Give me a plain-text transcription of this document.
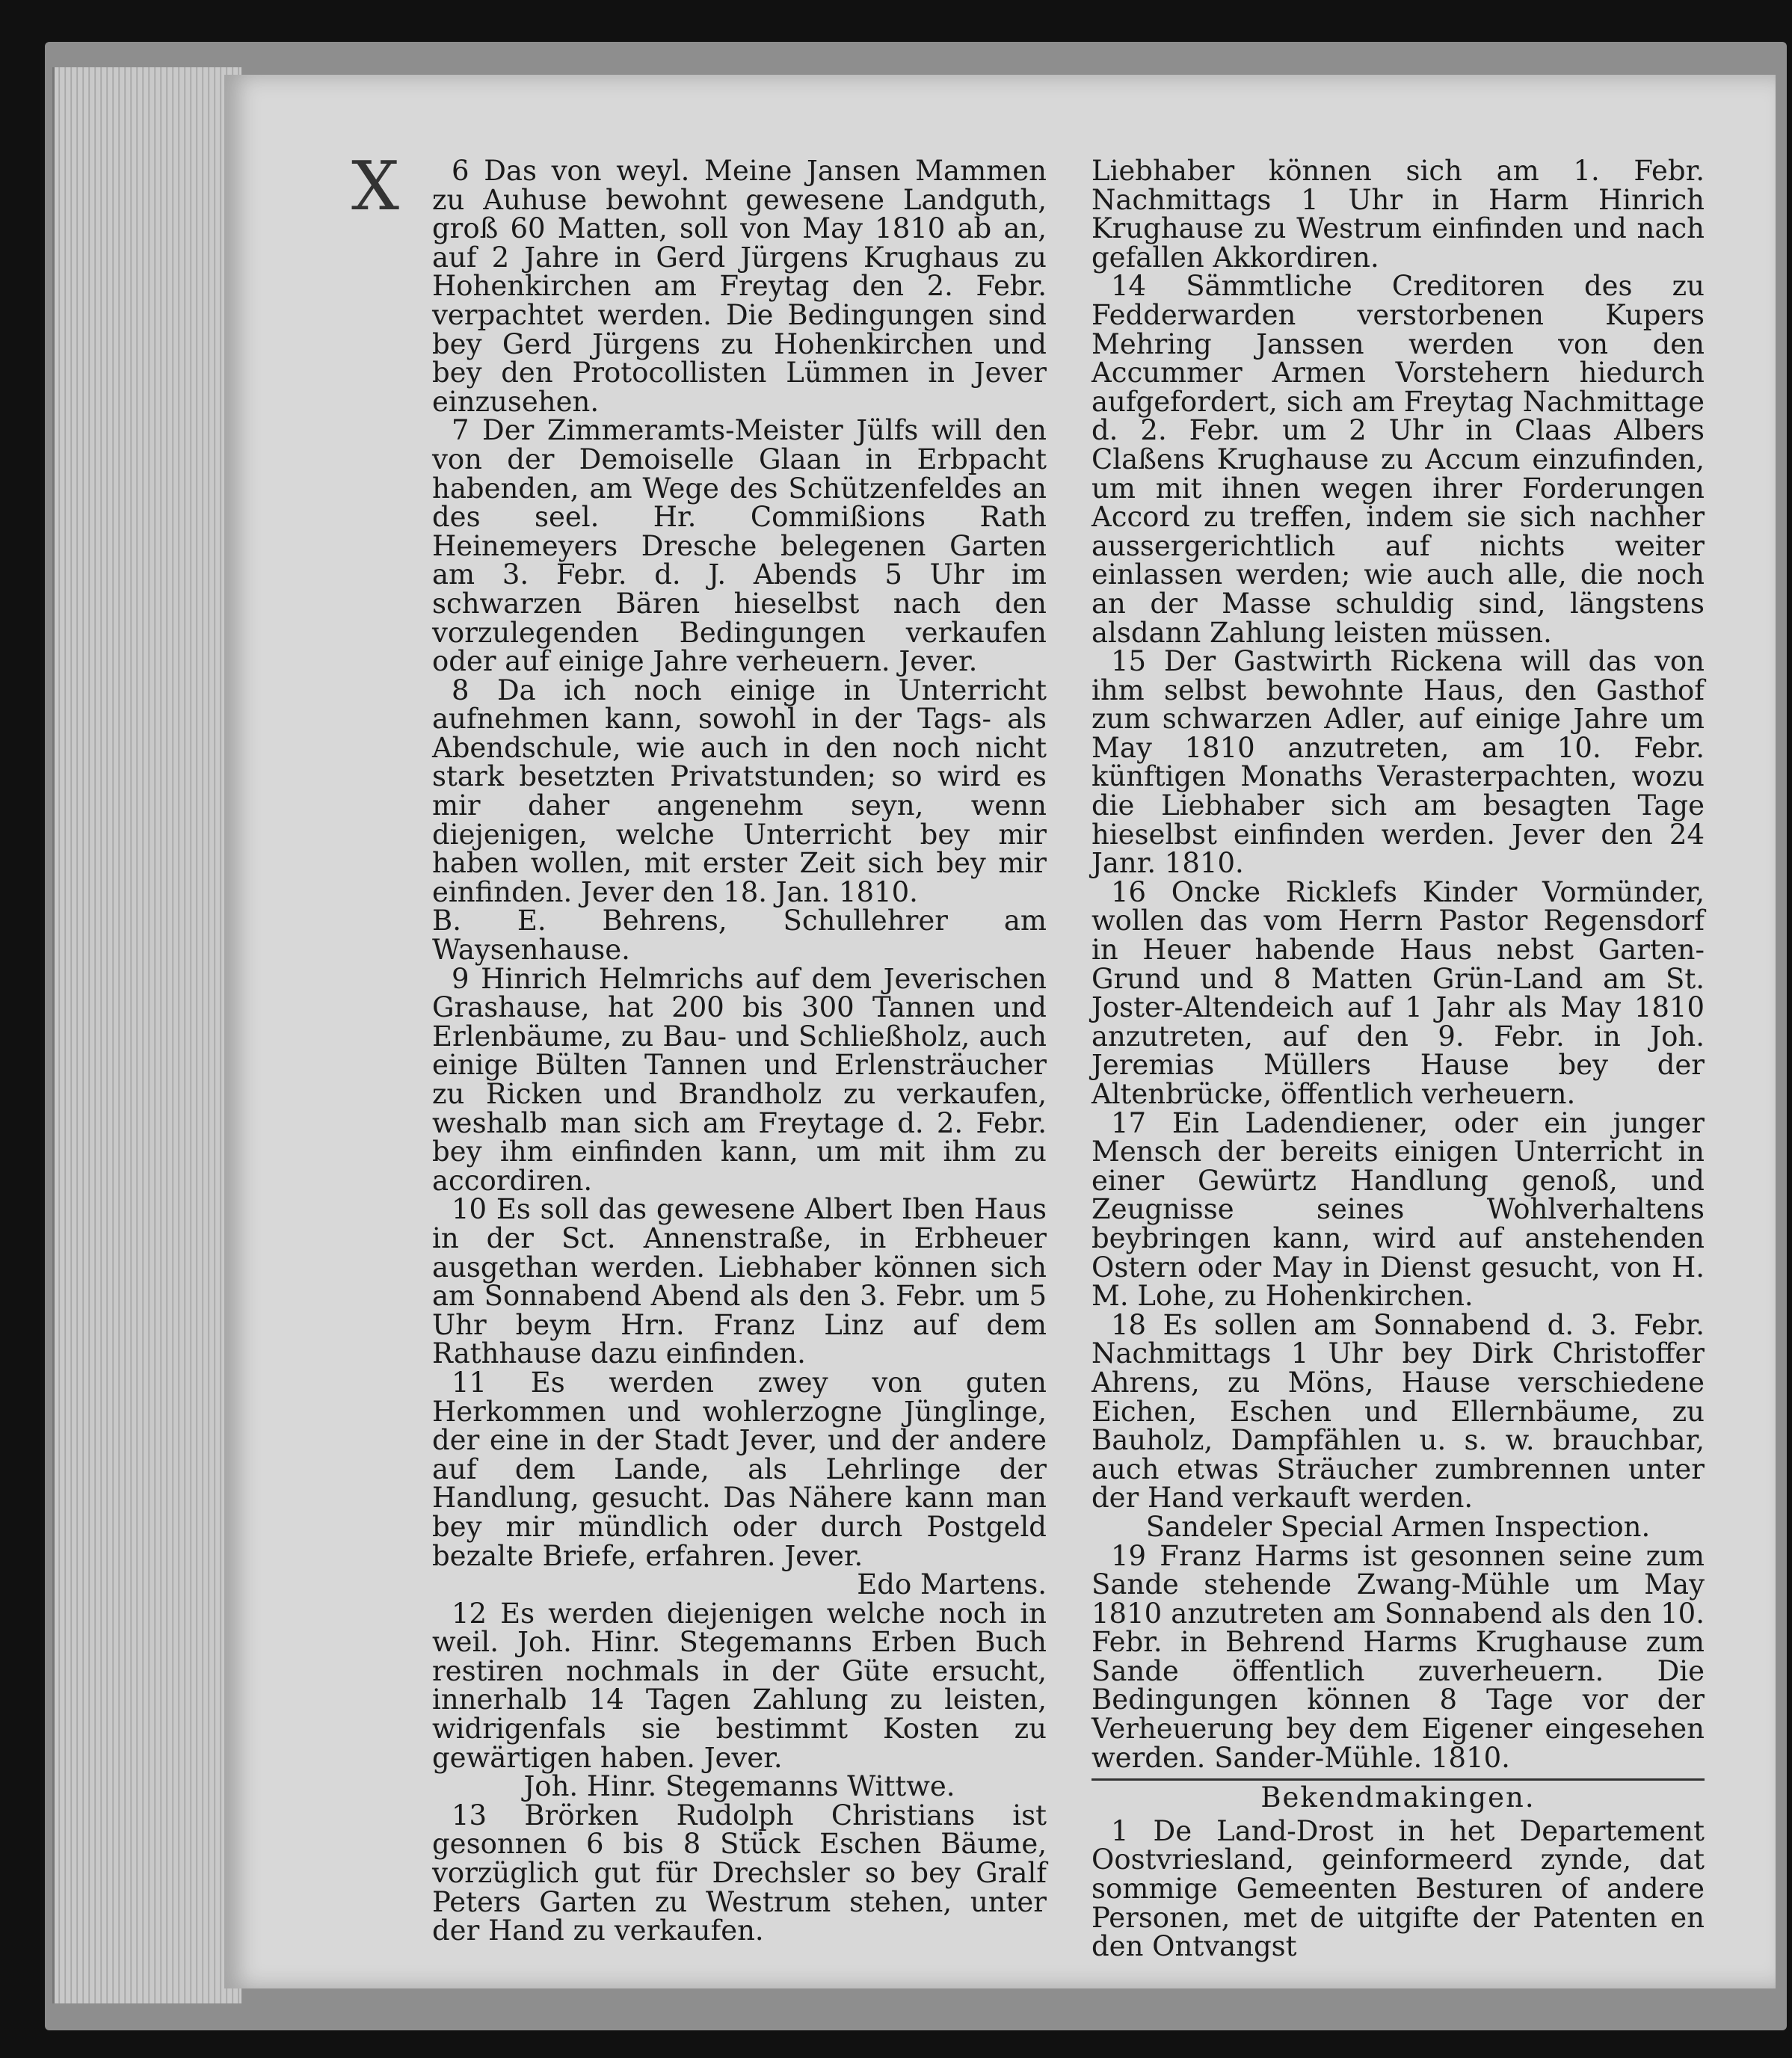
X	6 Das von weyl. Meine Jansen Mammen zu Auhuse bewohnt gewesene Landguth, groß 60 Matten, soll von May 1810 ab an, auf 2 Jahre in Gerd Jürgens Krughaus zu Hohenkirchen am Freytag den 2. Febr. verpachtet werden. Die Bedingungen sind bey Gerd Jürgens zu Hohenkirchen und bey den Protocollisten Lümmen in Jever einzusehen.

7 Der Zimmeramts-Meister Jülfs will den von der Demoiselle Glaan in Erbpacht habenden, am Wege des Schützenfeldes an des seel. Hr. Commißions Rath Heinemeyers Dresche belegenen Garten am 3. Febr. d. J. Abends 5 Uhr im schwarzen Bären hieselbst nach den vorzulegenden Bedingungen verkaufen oder auf einige Jahre verheuern. Jever.

8 Da ich noch einige in Unterricht aufnehmen kann, sowohl in der Tags- als Abendschule, wie auch in den noch nicht stark besetzten Privatstunden; so wird es mir daher angenehm seyn, wenn diejenigen, welche Unterricht bey mir haben wollen, mit erster Zeit sich bey mir einfinden. Jever den 18. Jan. 1810.

B. E. Behrens, Schullehrer am Waysenhause.

9 Hinrich Helmrichs auf dem Jeverischen Grashause, hat 200 bis 300 Tannen und Erlenbäume, zu Bau- und Schließholz, auch einige Bülten Tannen und Erlensträucher zu Ricken und Brandholz zu verkaufen, weshalb man sich am Freytage d. 2. Febr. bey ihm einfinden kann, um mit ihm zu accordiren.

10 Es soll das gewesene Albert Iben Haus in der Sct. Annenstraße, in Erbheuer ausgethan werden. Liebhaber können sich am Sonnabend Abend als den 3. Febr. um 5 Uhr beym Hrn. Franz Linz auf dem Rathhause dazu einfinden.

11 Es werden zwey von guten Herkommen und wohlerzogne Jünglinge, der eine in der Stadt Jever, und der andere auf dem Lande, als Lehrlinge der Handlung, gesucht. Das Nähere kann man bey mir mündlich oder durch Postgeld bezalte Briefe, erfahren. Jever.

Edo Martens.

12 Es werden diejenigen welche noch in weil. Joh. Hinr. Stegemanns Erben Buch restiren nochmals in der Güte ersucht, innerhalb 14 Tagen Zahlung zu leisten, widrigenfals sie bestimmt Kosten zu gewärtigen haben. Jever.

Joh. Hinr. Stegemanns Wittwe.

13 Brörken Rudolph Christians ist gesonnen 6 bis 8 Stück Eschen Bäume, vorzüglich gut für Drechsler so bey Gralf Peters Garten zu Westrum stehen, unter der Hand zu verkaufen.

Liebhaber können sich am 1. Febr. Nachmittags 1 Uhr in Harm Hinrich Krughause zu Westrum einfinden und nach gefallen Akkordiren.

14 Sämmtliche Creditoren des zu Fedderwarden verstorbenen Kupers Mehring Janssen werden von den Accummer Armen Vorstehern hiedurch aufgefordert, sich am Freytag Nachmittage d. 2. Febr. um 2 Uhr in Claas Albers Claßens Krughause zu Accum einzufinden, um mit ihnen wegen ihrer Forderungen Accord zu treffen, indem sie sich nachher aussergerichtlich auf nichts weiter einlassen werden; wie auch alle, die noch an der Masse schuldig sind, längstens alsdann Zahlung leisten müssen.

15 Der Gastwirth Rickena will das von ihm selbst bewohnte Haus, den Gasthof zum schwarzen Adler, auf einige Jahre um May 1810 anzutreten, am 10. Febr. künftigen Monaths Verasterpachten, wozu die Liebhaber sich am besagten Tage hieselbst einfinden werden. Jever den 24 Janr. 1810.

16 Oncke Ricklefs Kinder Vormünder, wollen das vom Herrn Pastor Regensdorf in Heuer habende Haus nebst Garten-Grund und 8 Matten Grün-Land am St. Joster-Altendeich auf 1 Jahr als May 1810 anzutreten, auf den 9. Febr. in Joh. Jeremias Müllers Hause bey der Altenbrücke, öffentlich verheuern.

17 Ein Ladendiener, oder ein junger Mensch der bereits einigen Unterricht in einer Gewürtz Handlung genoß, und Zeugnisse seines Wohlverhaltens beybringen kann, wird auf anstehenden Ostern oder May in Dienst gesucht, von H. M. Lohe, zu Hohenkirchen.

18 Es sollen am Sonnabend d. 3. Febr. Nachmittags 1 Uhr bey Dirk Christoffer Ahrens, zu Möns, Hause verschiedene Eichen, Eschen und Ellernbäume, zu Bauholz, Dampfählen u. s. w. brauchbar, auch etwas Sträucher zumbrennen unter der Hand verkauft werden.

Sandeler Special Armen Inspection.

19 Franz Harms ist gesonnen seine zum Sande stehende Zwang-Mühle um May 1810 anzutreten am Sonnabend als den 10. Febr. in Behrend Harms Krughause zum Sande öffentlich zuverheuern. Die Bedingungen können 8 Tage vor der Verheuerung bey dem Eigener eingesehen werden. Sander-Mühle. 1810.

Bekendmakingen.

1 De Land-Drost in het Departement Oostvriesland, geinformeerd zynde, dat sommige Gemeenten Besturen of andere Personen, met de uitgifte der Patenten en den Ontvangst
